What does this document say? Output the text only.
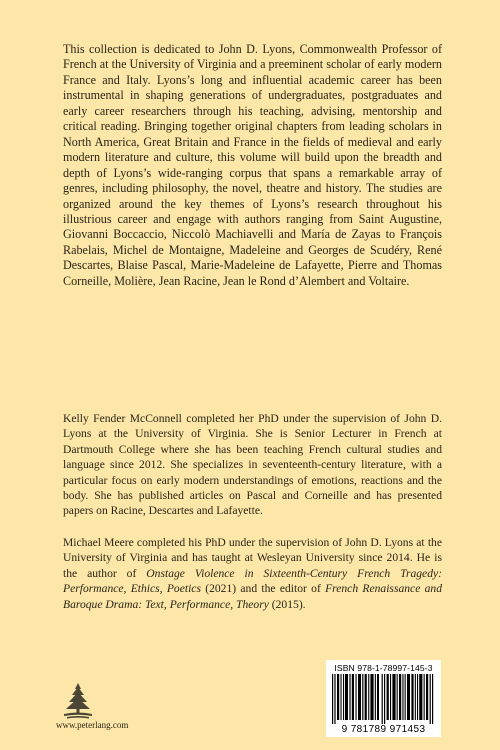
This collection is dedicated to John D. Lyons, Commonwealth Professor of French at the University of Virginia and a preeminent scholar of early modern France and Italy. Lyons’s long and influential academic career has been instrumental in shaping generations of undergraduates, postgraduates and early career researchers through his teaching, advising, mentorship and critical reading. Bringing together original chapters from leading scholars in North America, Great Britain and France in the fields of medieval and early modern literature and culture, this volume will build upon the breadth and depth of Lyons’s wide-ranging corpus that spans a remarkable array of genres, including philosophy, the novel, theatre and history. The studies are organized around the key themes of Lyons’s research throughout his illustrious career and engage with authors ranging from Saint Augustine, Giovanni Boccaccio, Niccolò Machiavelli and María de Zayas to François Rabelais, Michel de Montaigne, Madeleine and Georges de Scudéry, René Descartes, Blaise Pascal, Marie-Madeleine de Lafayette, Pierre and Thomas Corneille, Molière, Jean Racine, Jean le Rond d’Alembert and Voltaire.

Kelly Fender McConnell completed her PhD under the supervision of John D. Lyons at the University of Virginia. She is Senior Lecturer in French at Dartmouth College where she has been teaching French cultural studies and language since 2012. She specializes in seventeenth-century literature, with a particular focus on early modern understandings of emotions, reactions and the body. She has published articles on Pascal and Corneille and has presented papers on Racine, Descartes and Lafayette.

Michael Meere completed his PhD under the supervision of John D. Lyons at the University of Virginia and has taught at Wesleyan University since 2014. He is the author of Onstage Violence in Sixteenth-Century French Tragedy: Performance, Ethics, Poetics (2021) and the editor of French Renaissance and Baroque Drama: Text, Performance, Theory (2015).

ISBN 978-1-78997-145-3
9 781789 971453
www.peterlang.com
